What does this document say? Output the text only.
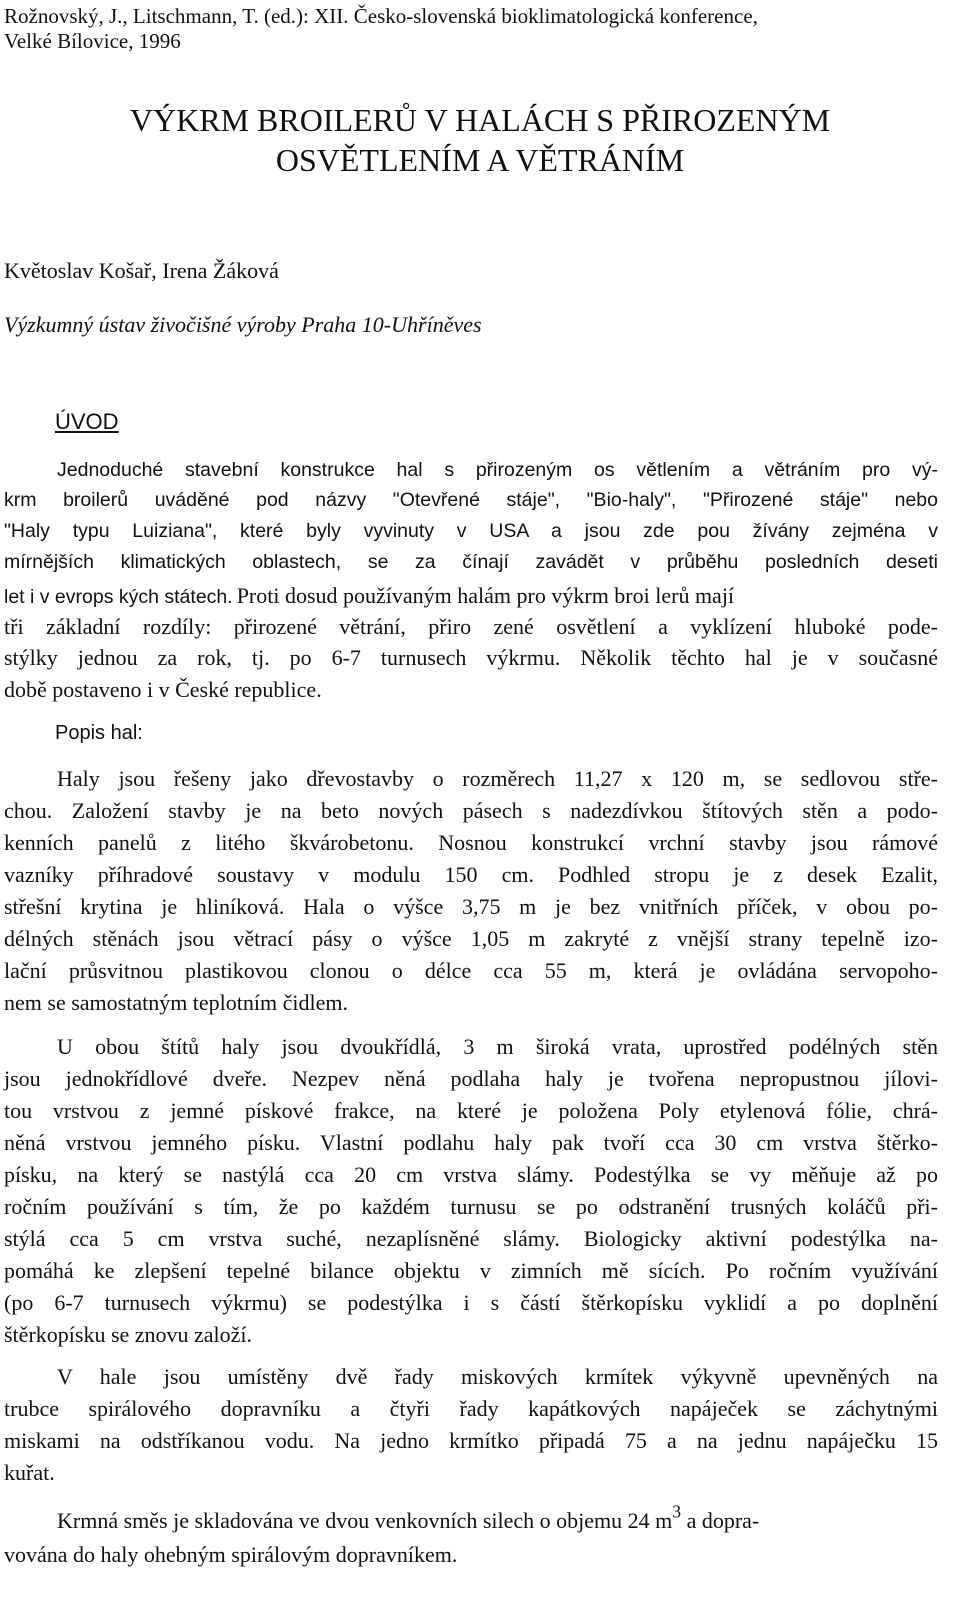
Rožnovský, J., Litschmann, T. (ed.): XII. Česko-slovenská bioklimatologická konference,

Velké Bílovice, 1996

VÝKRM BROILERŮ V HALÁCH S PŘIROZENÝM
OSVĚTLENÍM A VĚTRÁNÍM

Květoslav Košař, Irena Žáková

Výzkumný ústav živočišné výroby Praha 10-Uhříněves

ÚVOD

Jednoduché stavební konstrukce hal s přirozeným os větlením a větráním pro vý-

krm broilerů uváděné pod názvy "Otevřené stáje", "Bio-haly", "Přirozené stáje" nebo

"Haly typu Luiziana", které byly vyvinuty v USA a jsou zde pou žívány zejména v

mírnějších klimatických oblastech, se za čínají zavádět v průběhu posledních deseti

let i v evrops kých státech. Proti dosud používaným halám pro výkrm broi lerů mají

tři základní rozdíly: přirozené větrání, přiro zené osvětlení a vyklízení hluboké pode-

stýlky jednou za rok, tj. po 6-7 turnusech výkrmu. Několik těchto hal je v současné

době postaveno i v České republice.

Popis hal:

Haly jsou řešeny jako dřevostavby o rozměrech 11,27 x 120 m, se sedlovou stře-

chou. Založení stavby je na beto nových pásech s nadezdívkou štítových stěn a podo-

kenních panelů z litého škvárobetonu. Nosnou konstrukcí vrchní stavby jsou rámové

vazníky příhradové soustavy v modulu 150 cm. Podhled stropu je z desek Ezalit,

střešní krytina je hliníková. Hala o výšce 3,75 m je bez vnitřních příček, v obou po-

délných stěnách jsou větrací pásy o výšce 1,05 m zakryté z vnější strany tepelně izo-

lační průsvitnou plastikovou clonou o délce cca 55 m, která je ovládána servopoho-

nem se samostatným teplotním čidlem.

U obou štítů haly jsou dvoukřídlá, 3 m široká vrata, uprostřed podélných stěn

jsou jednokřídlové dveře. Nezpev něná podlaha haly je tvořena nepropustnou jílovi-

tou vrstvou z jemné pískové frakce, na které je položena Poly etylenová fólie, chrá-

něná vrstvou jemného písku. Vlastní podlahu haly pak tvoří cca 30 cm vrstva štěrko-

písku, na který se nastýlá cca 20 cm vrstva slámy. Podestýlka se vy měňuje až po

ročním používání s tím, že po každém turnusu se po odstranění trusných koláčů při-

stýlá cca 5 cm vrstva suché, nezaplísněné slámy. Biologicky aktivní podestýlka na-

pomáhá ke zlepšení tepelné bilance objektu v zimních mě sících. Po ročním využívání

(po 6-7 turnusech výkrmu) se podestýlka i s částí štěrkopísku vyklidí a po doplnění

štěrkopísku se znovu založí.

V hale jsou umístěny dvě řady miskových krmítek výkyvně upevněných na

trubce spirálového dopravníku a čtyři řady kapátkových napáječek se záchytnými

miskami na odstříkanou vodu. Na jedno krmítko připadá 75 a na jednu napáječku 15

kuřat.

Krmná směs je skladována ve dvou venkovních silech o objemu 24 $m^3$ a dopra-

vována do haly ohebným spirálovým dopravníkem.
